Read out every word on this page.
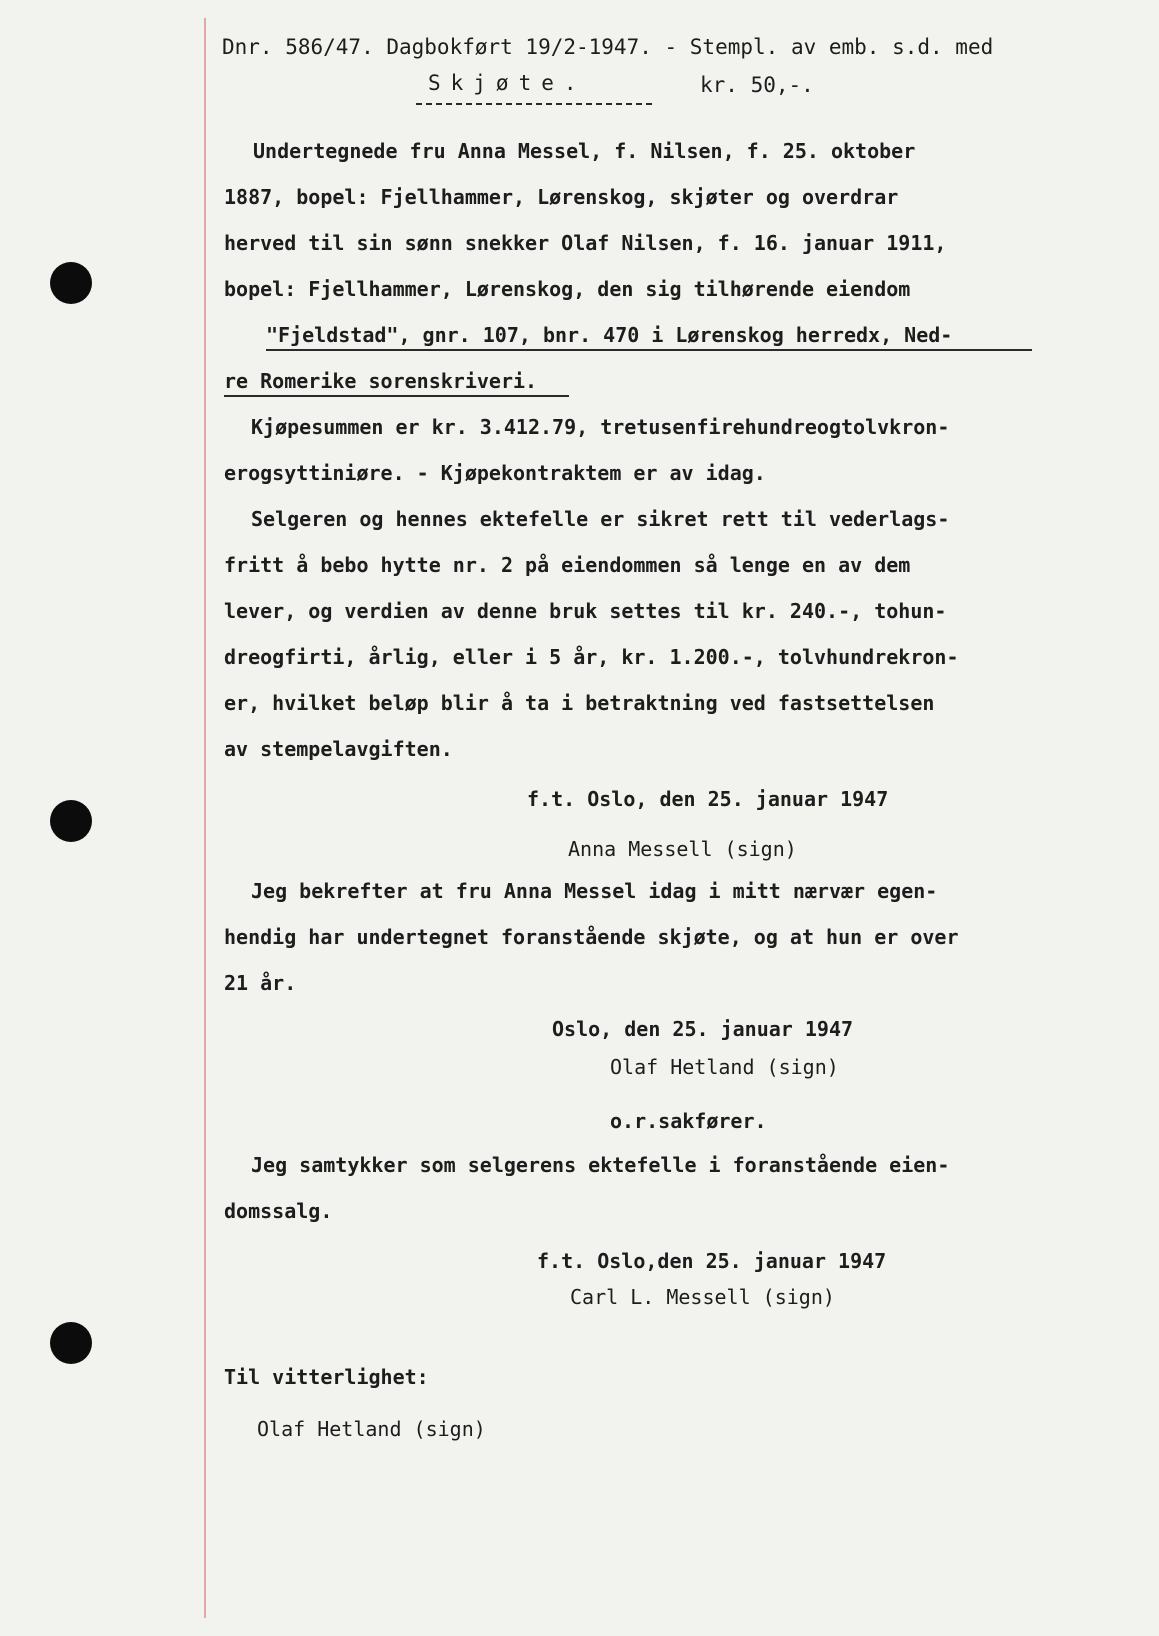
Dnr. 586/47. Dagbokført 19/2-1947. - Stempl. av emb. s.d. med
Skjøte.	kr. 50,-.
Undertegnede fru Anna Messel, f. Nilsen, f. 25. oktober
1887, bopel: Fjellhammer, Lørenskog, skjøter og overdrar
herved til sin sønn snekker Olaf Nilsen, f. 16. januar 1911,
bopel: Fjellhammer, Lørenskog, den sig tilhørende eiendom
"Fjeldstad", gnr. 107, bnr. 470 i Lørenskog herredx, Ned-
re Romerike sorenskriveri.
Kjøpesummen er kr. 3.412.79, tretusenfirehundreogtolvkron-
erogsyttiniøre. - Kjøpekontraktem er av idag.
Selgeren og hennes ektefelle er sikret rett til vederlags-
fritt å bebo hytte nr. 2 på eiendommen så lenge en av dem
lever, og verdien av denne bruk settes til kr. 240.-, tohun-
dreogfirti, årlig, eller i 5 år, kr. 1.200.-, tolvhundrekron-
er, hvilket beløp blir å ta i betraktning ved fastsettelsen
av stempelavgiften.
f.t. Oslo, den 25. januar 1947
Anna Messell (sign)
Jeg bekrefter at fru Anna Messel idag i mitt nærvær egen-
hendig har undertegnet foranstående skjøte, og at hun er over
21 år.
Oslo, den 25. januar 1947
Olaf Hetland (sign)
o.r.sakfører.
Jeg samtykker som selgerens ektefelle i foranstående eien-
domssalg.
f.t. Oslo,den 25. januar 1947
Carl L. Messell (sign)
Til vitterlighet:
Olaf Hetland (sign)
